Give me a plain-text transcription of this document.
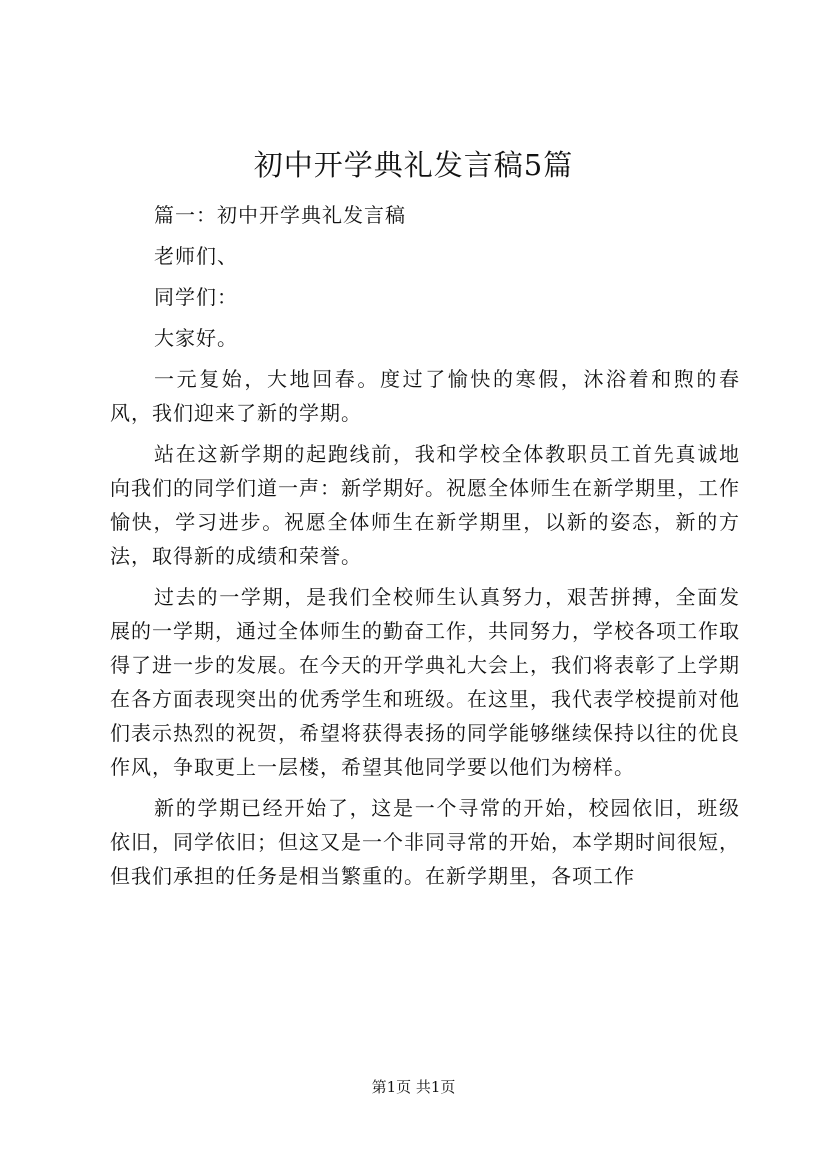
初中开学典礼发言稿5篇

篇一：初中开学典礼发言稿

老师们、

同学们：

大家好。

一元复始，大地回春。度过了愉快的寒假，沐浴着和煦的春风，我们迎来了新的学期。

站在这新学期的起跑线前，我和学校全体教职员工首先真诚地向我们的同学们道一声：新学期好。祝愿全体师生在新学期里，工作愉快，学习进步。祝愿全体师生在新学期里，以新的姿态，新的方法，取得新的成绩和荣誉。

过去的一学期，是我们全校师生认真努力，艰苦拼搏，全面发展的一学期，通过全体师生的勤奋工作，共同努力，学校各项工作取得了进一步的发展。在今天的开学典礼大会上，我们将表彰了上学期在各方面表现突出的优秀学生和班级。在这里，我代表学校提前对他们表示热烈的祝贺，希望将获得表扬的同学能够继续保持以往的优良作风，争取更上一层楼，希望其他同学要以他们为榜样。

新的学期已经开始了，这是一个寻常的开始，校园依旧，班级依旧，同学依旧；但这又是一个非同寻常的开始，本学期时间很短，但我们承担的任务是相当繁重的。在新学期里，各项工作

第1页 共1页
